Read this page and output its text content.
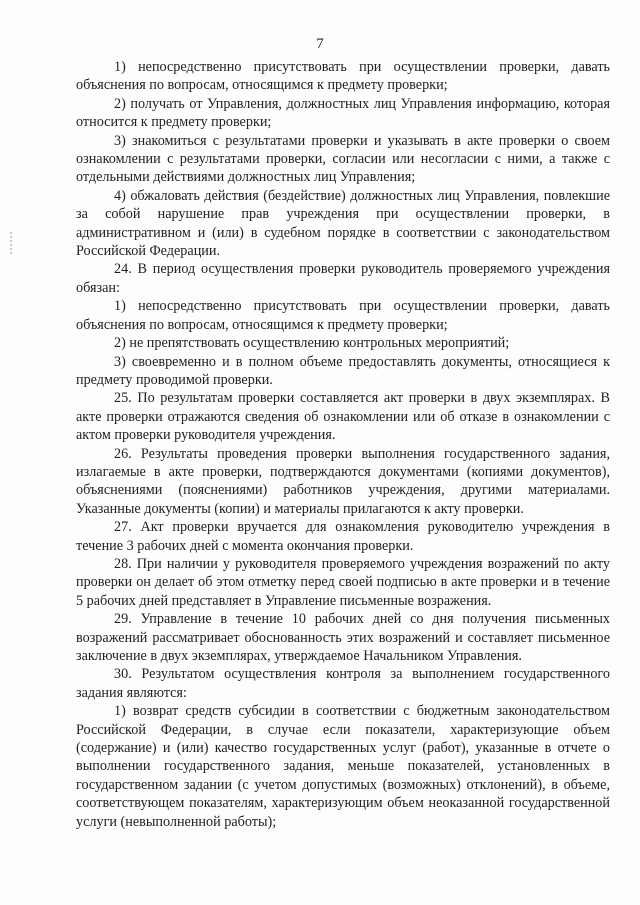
7

1) непосредственно присутствовать при осуществлении проверки, давать объяснения по вопросам, относящимся к предмету проверки;

2) получать от Управления, должностных лиц Управления информацию, которая относится к предмету проверки;

3) знакомиться с результатами проверки и указывать в акте проверки о своем ознакомлении с результатами проверки, согласии или несогласии с ними, а также с отдельными действиями должностных лиц Управления;

4) обжаловать действия (бездействие) должностных лиц Управления, повлекшие за собой нарушение прав учреждения при осуществлении проверки, в административном и (или) в судебном порядке в соответствии с законодательством Российской Федерации.

24. В период осуществления проверки руководитель проверяемого учреждения обязан:

1) непосредственно присутствовать при осуществлении проверки, давать объяснения по вопросам, относящимся к предмету проверки;

2) не препятствовать осуществлению контрольных мероприятий;

3) своевременно и в полном объеме предоставлять документы, относящиеся к предмету проводимой проверки.

25. По результатам проверки составляется акт проверки в двух экземплярах. В акте проверки отражаются сведения об ознакомлении или об отказе в ознакомлении с актом проверки руководителя учреждения.

26. Результаты проведения проверки выполнения государственного задания, излагаемые в акте проверки, подтверждаются документами (копиями документов), объяснениями (пояснениями) работников учреждения, другими материалами. Указанные документы (копии) и материалы прилагаются к акту проверки.

27. Акт проверки вручается для ознакомления руководителю учреждения в течение 3 рабочих дней с момента окончания проверки.

28. При наличии у руководителя проверяемого учреждения возражений по акту проверки он делает об этом отметку перед своей подписью в акте проверки и в течение 5 рабочих дней представляет в Управление письменные возражения.

29. Управление в течение 10 рабочих дней со дня получения письменных возражений рассматривает обоснованность этих возражений и составляет письменное заключение в двух экземплярах, утверждаемое Начальником Управления.

30. Результатом осуществления контроля за выполнением государственного задания являются:

1) возврат средств субсидии в соответствии с бюджетным законодательством Российской Федерации, в случае если показатели, характеризующие объем (содержание) и (или) качество государственных услуг (работ), указанные в отчете о выполнении государственного задания, меньше показателей, установленных в государственном задании (с учетом допустимых (возможных) отклонений), в объеме, соответствующем показателям, характеризующим объем неоказанной государственной услуги (невыполненной работы);
